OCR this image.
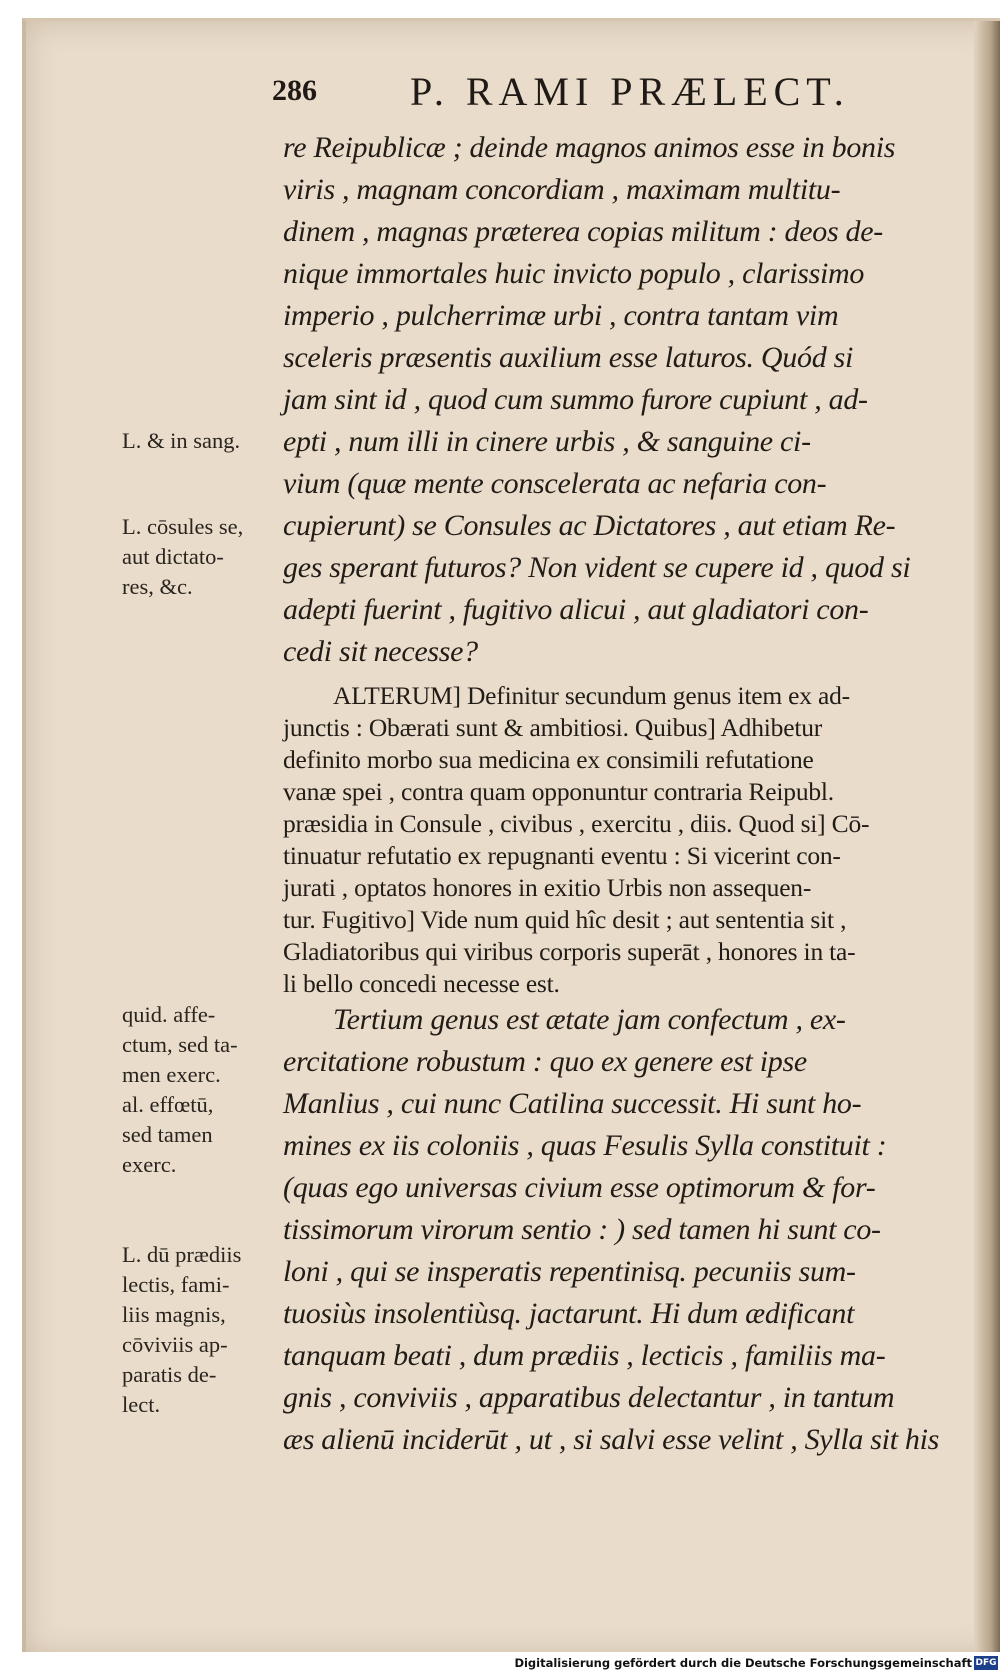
286 P. RAMI PRÆLECT.
re Reipublicæ ; deinde magnos animos esse in bonis
viris , magnam concordiam , maximam multitu-
dinem , magnas præterea copias militum : deos de-
nique immortales huic invicto populo , clarissimo
imperio , pulcherrimæ urbi , contra tantam vim
sceleris præsentis auxilium esse laturos. Quód si
jam sint id , quod cum summo furore cupiunt , ad-
epti , num illi in cinere urbis , & sanguine ci-
vium (quæ mente conscelerata ac nefaria con-
cupierunt) se Consules ac Dictatores , aut etiam Re-
ges sperant futuros? Non vident se cupere id , quod si
adepti fuerint , fugitivo alicui , aut gladiatori con-
cedi sit necesse?
ALTERUM] Definitur secundum genus item ex ad-
junctis : Obærati sunt & ambitiosi. Quibus] Adhibetur
definito morbo sua medicina ex consimili refutatione
vanæ spei , contra quam opponuntur contraria Reipubl.
præsidia in Consule , civibus , exercitu , diis. Quod si] Cō-
tinuatur refutatio ex repugnanti eventu : Si vicerint con-
jurati , optatos honores in exitio Urbis non assequen-
tur. Fugitivo] Vide num quid hîc desit ; aut sententia sit ,
Gladiatoribus qui viribus corporis superāt , honores in ta-
li bello concedi necesse est.
Tertium genus est ætate jam confectum , ex-
ercitatione robustum : quo ex genere est ipse
Manlius , cui nunc Catilina successit. Hi sunt ho-
mines ex iis coloniis , quas Fesulis Sylla constituit :
(quas ego universas civium esse optimorum & for-
tissimorum virorum sentio : ) sed tamen hi sunt co-
loni , qui se insperatis repentinisq. pecuniis sum-
tuosiùs insolentiùsq. jactarunt. Hi dum ædificant
tanquam beati , dum prædiis , lecticis , familiis ma-
gnis , conviviis , apparatibus delectantur , in tantum
æs alienū inciderūt , ut , si salvi esse velint , Sylla sit his
L. & in sang.
L. cōsules se,
aut dictato-
res, &c.
quid. affe-
ctum, sed ta-
men exerc.
al. effœtū,
sed tamen
exerc.
L. dū prædiis
lectis, fami-
liis magnis,
cōviviis ap-
paratis de-
lect.
Digitalisierung gefördert durch die Deutsche Forschungsgemeinschaft DFG
